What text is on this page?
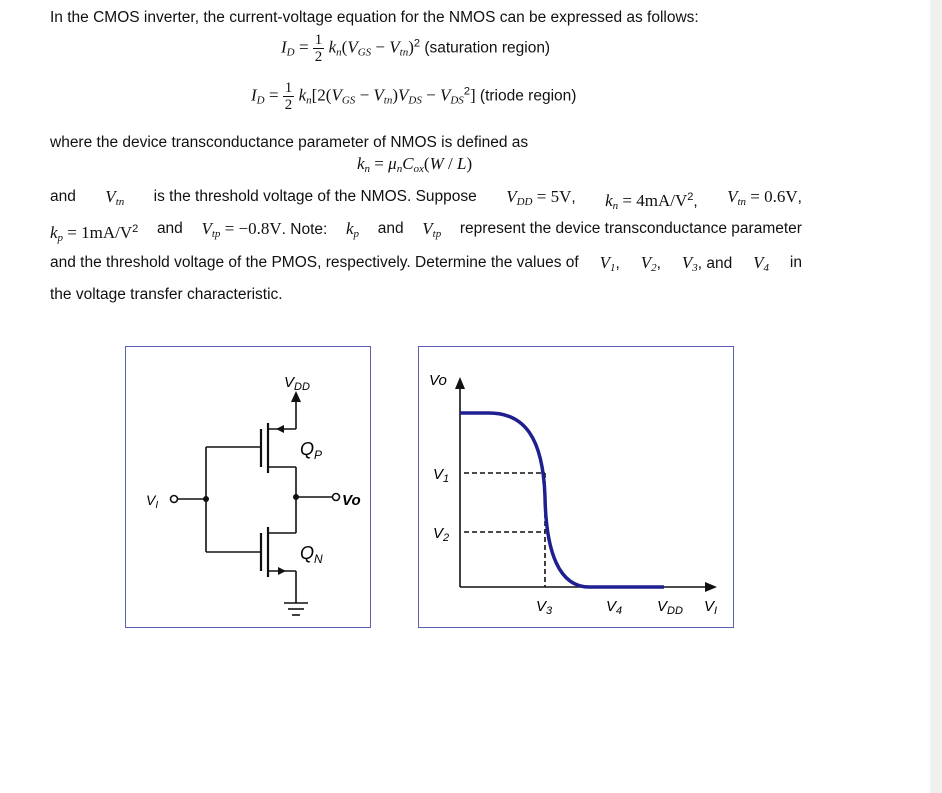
In the CMOS inverter, the current-voltage equation for the NMOS can be expressed as follows:
$I_D = \frac{1}{2} k_n(V_{GS} - V_{tn})^2$ (saturation region)
$I_D = \frac{1}{2} k_n[2(V_{GS} - V_{tn})V_{DS} - V_{DS}^2]$ (triode region)
where the device transconductance parameter of NMOS is defined as
$k_n = \mu_nC_{ox}(W / L)$
and $V_{tn}$ is the threshold voltage of the NMOS. Suppose $V_{DD} = 5V$, $k_n = 4mA/V^2$, $V_{tn} = 0.6V$,
$k_p = 1mA/V^2$ and $V_{tp} = -0.8V$. Note: $k_p$ and $V_{tp}$ represent the device transconductance parameter
and the threshold voltage of the PMOS, respectively. Determine the values of $V_1$, $V_2$, $V_3$, and $V_4$ in
the voltage transfer characteristic.
$V_{DD}$
$Q_P$
$Q_N$
$V_I$	Vo
Vo
$V_1$
$V_2$
$V_3$	$V_4$ $V_{DD}$ $V_I$
